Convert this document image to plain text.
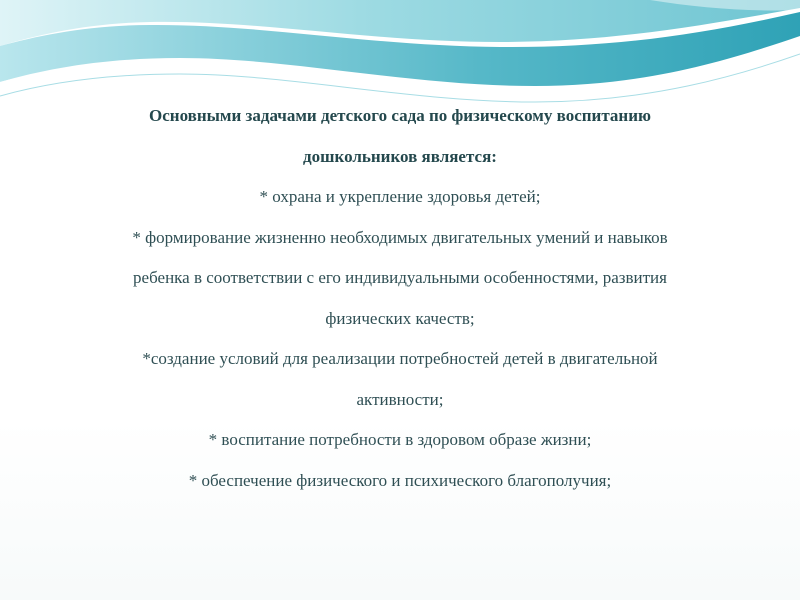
Основными задачами детского сада по физическому воспитанию

дошкольников является:

* охрана и укрепление здоровья детей;

* формирование жизненно необходимых двигательных умений и навыков

ребенка в соответствии с его индивидуальными особенностями, развития

физических качеств;

*создание условий для реализации потребностей детей в двигательной

активности;

* воспитание потребности в здоровом образе жизни;

* обеспечение физического и психического благополучия;
